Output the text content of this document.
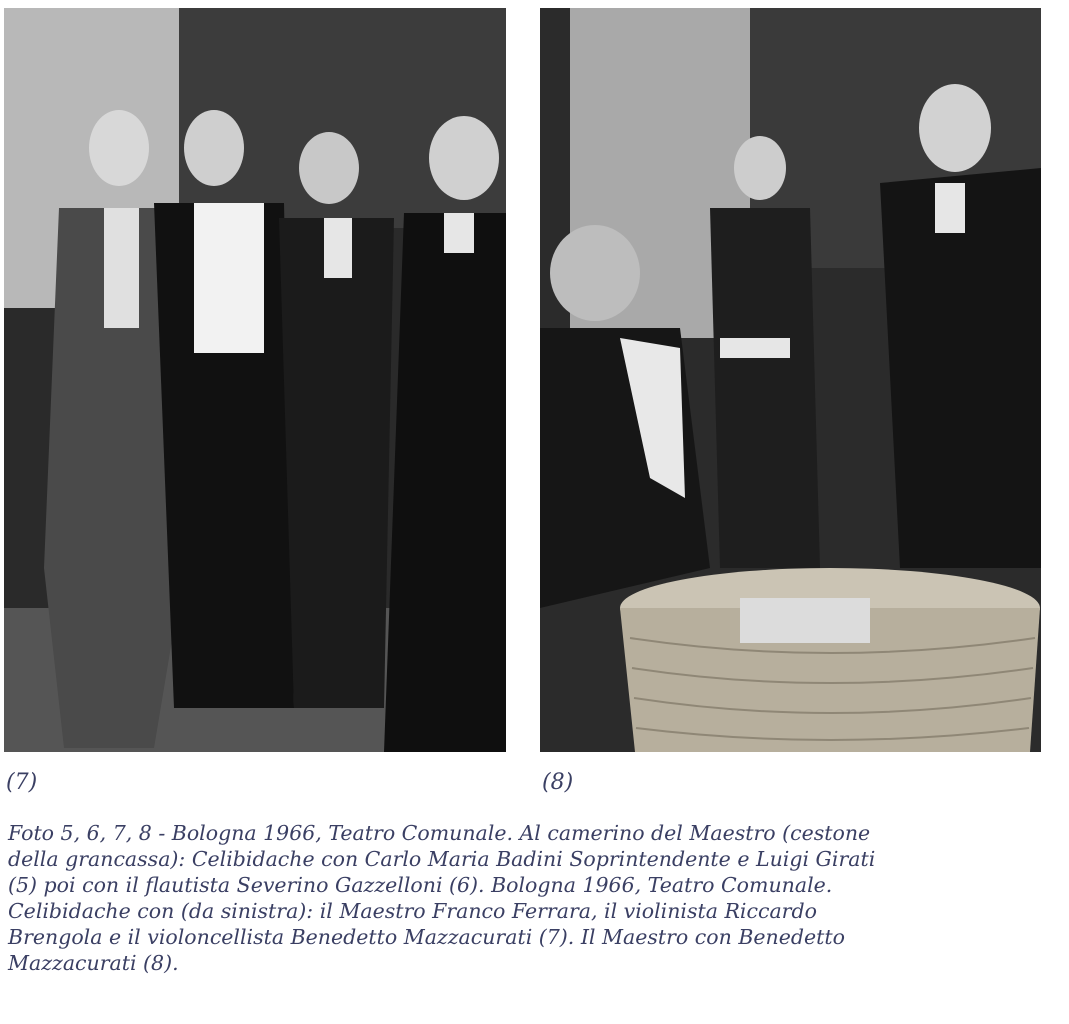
(7)	(8)
Foto 5, 6, 7, 8 - Bologna 1966, Teatro Comunale. Al camerino del Maestro (cestone
della grancassa): Celibidache con Carlo Maria Badini Soprintendente e Luigi Girati
(5) poi con il flautista Severino Gazzelloni (6). Bologna 1966, Teatro Comunale.
Celibidache con (da sinistra): il Maestro Franco Ferrara, il violinista Riccardo
Brengola e il violoncellista Benedetto Mazzacurati (7). Il Maestro con Benedetto
Mazzacurati (8).
